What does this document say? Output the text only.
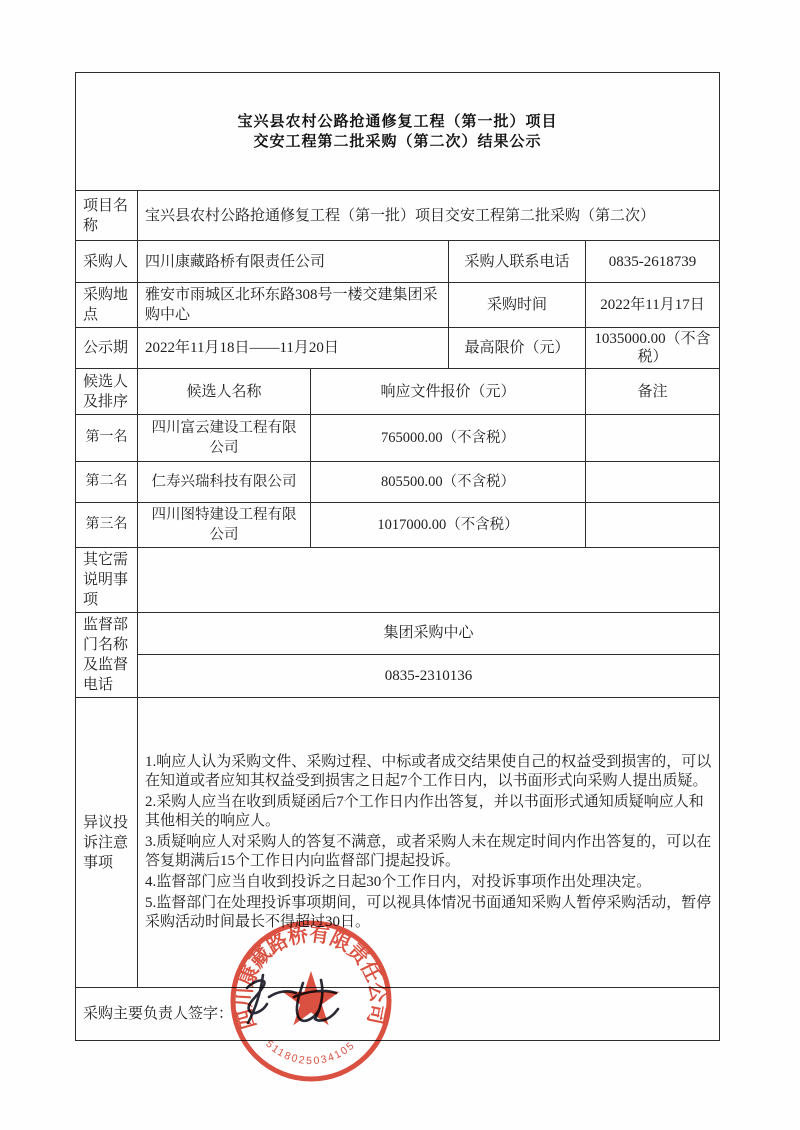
宝兴县农村公路抢通修复工程（第一批）项目
交安工程第二批采购（第二次）结果公示				

项目名称	宝兴县农村公路抢通修复工程（第一批）项目交安工程第二批采购（第二次）			
采购人	四川康藏路桥有限责任公司		采购人联系电话	0835-2618739
采购地点	雅安市雨城区北环东路308号一楼交建集团采购中心		采购时间	2022年11月17日
公示期	2022年11月18日——11月20日		最高限价（元）	1035000.00（不含税）
候选人及排序	候选人名称	响应文件报价（元）		备注
第一名	四川富云建设工程有限公司	765000.00（不含税）		
第二名	仁寿兴瑞科技有限公司	805500.00（不含税）		
第三名	四川图特建设工程有限公司	1017000.00（不含税）		
其它需说明事项				
监督部门名称及监督电话	集团采购中心			
	0835-2310136			
异议投诉注意事项	1.响应人认为采购文件、采购过程、中标或者成交结果使自己的权益受到损害的，可以在知道或者应知其权益受到损害之日起7个工作日内，以书面形式向采购人提出质疑。
2.采购人应当在收到质疑函后7个工作日内作出答复，并以书面形式通知质疑响应人和其他相关的响应人。
3.质疑响应人对采购人的答复不满意，或者采购人未在规定时间内作出答复的，可以在答复期满后15个工作日内向监督部门提起投诉。
4.监督部门应当自收到投诉之日起30个工作日内，对投诉事项作出处理决定。
5.监督部门在处理投诉事项期间，可以视具体情况书面通知采购人暂停采购活动，暂停采购活动时间最长不得超过30日。			

采购主要负责人签字：				四川康藏路桥有限责任公司
5118025034105
